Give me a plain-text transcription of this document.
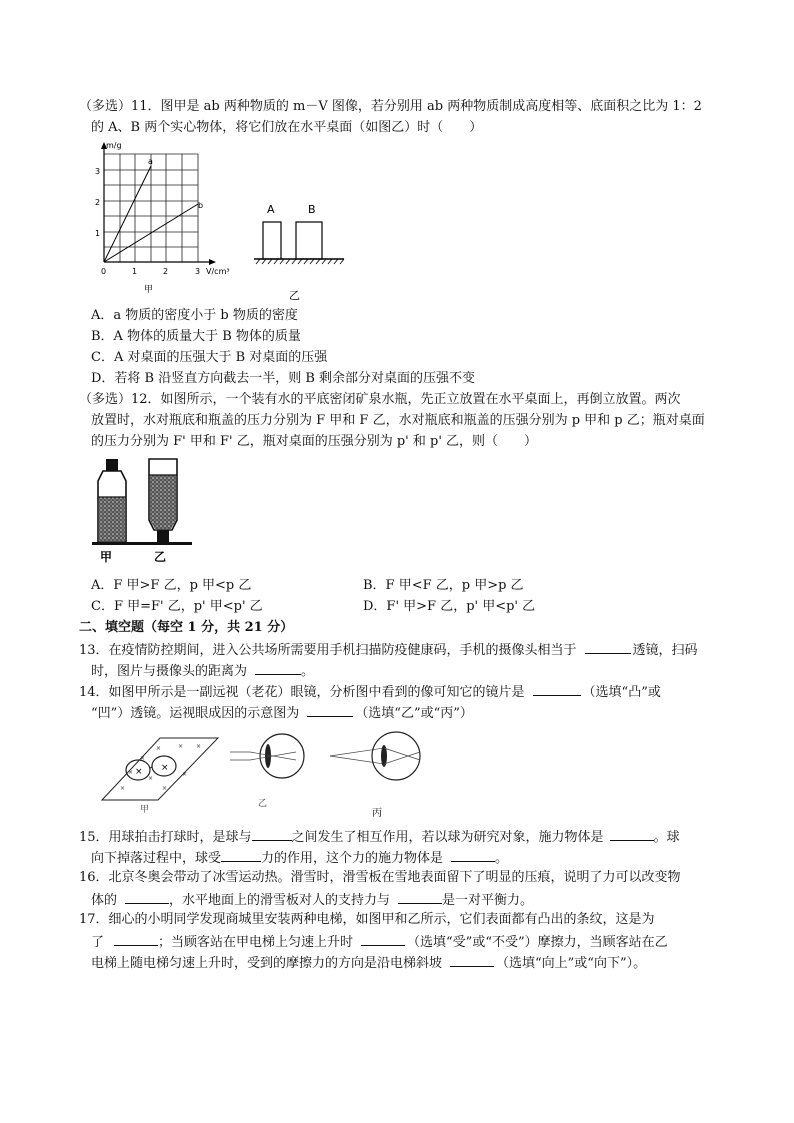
（多选）11．图甲是 ab 两种物质的 m－V 图像，若分别用 ab 两种物质制成高度相等、底面积之比为 1：2
的 A、B 两个实心物体，将它们放在水平桌面（如图乙）时（　　）
a
b
m/g
V/cm³
3
2
1
0	1	2	3
甲
A	B
乙
A．a 物质的密度小于 b 物质的密度
B．A 物体的质量大于 B 物体的质量
C．A 对桌面的压强大于 B 对桌面的压强
D．若将 B 沿竖直方向截去一半，则 B 剩余部分对桌面的压强不变
（多选）12．如图所示，一个装有水的平底密闭矿泉水瓶，先正立放置在水平桌面上，再倒立放置。两次
放置时，水对瓶底和瓶盖的压力分别为 F 甲和 F 乙，水对瓶底和瓶盖的压强分别为 p 甲和 p 乙；瓶对桌面
的压力分别为 F' 甲和 F' 乙，瓶对桌面的压强分别为 p' 和 p' 乙，则（　　）
甲	乙
A．F 甲>F 乙，p 甲<p 乙	B．F 甲<F 乙，p 甲>p 乙
C．F 甲=F' 乙，p' 甲<p' 乙	D．F' 甲>F 乙，p' 甲<p' 乙
二、填空题（每空 1 分，共 21 分）
13．在疫情防控期间，进入公共场所需要用手机扫描防疫健康码，手机的摄像头相当于	透镜，扫码
时，图片与摄像头的距离为	。
14．如图甲所示是一副远视（老花）眼镜，分析图中看到的像可知它的镜片是	（选填“凸”或
“凹”）透镜。运视眼成因的示意图为	（选填“乙”或“丙”）
×
×
×	× ×
×	×
×
×
× ×
甲
乙
丙
15．用球拍击打球时，是球与	之间发生了相互作用，若以球为研究对象，施力物体是	。球
向下掉落过程中，球受	力的作用，这个力的施力物体是	。
16．北京冬奥会带动了冰雪运动热。滑雪时，滑雪板在雪地表面留下了明显的压痕，说明了力可以改变物
体的	，水平地面上的滑雪板对人的支持力与	是一对平衡力。
17．细心的小明同学发现商城里安装两种电梯，如图甲和乙所示，它们表面都有凸出的条纹，这是为
了	；当顾客站在甲电梯上匀速上升时	（选填“受”或“不受”）摩擦力，当顾客站在乙
电梯上随电梯匀速上升时，受到的摩擦力的方向是沿电梯斜坡	（选填“向上”或“向下”）。
